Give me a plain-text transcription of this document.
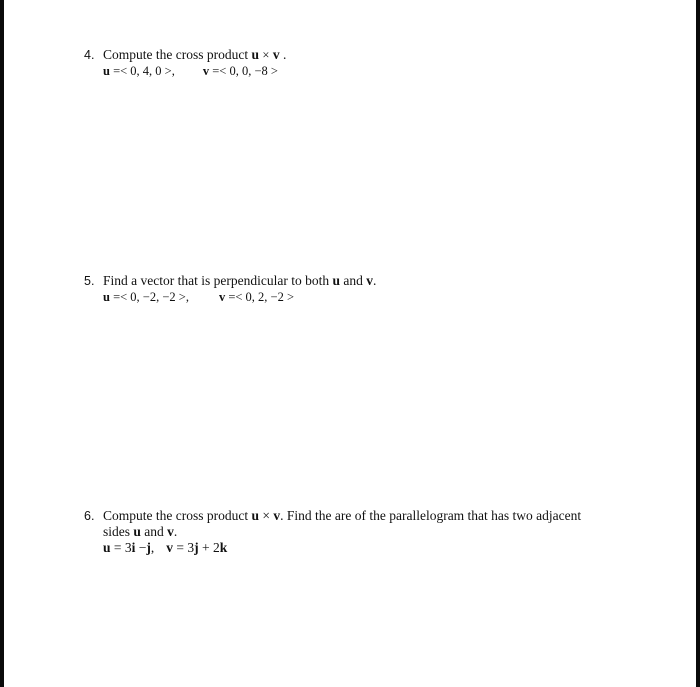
4. Compute the cross product u × v .
u =< 0, 4, 0 >, v =< 0, 0, −8 >
5. Find a vector that is perpendicular to both u and v.
u =< 0, −2, −2 >, v =< 0, 2, −2 >
6. Compute the cross product u × v. Find the are of the parallelogram that has two adjacent
sides u and v.
u = 3i −j, v = 3j + 2k
